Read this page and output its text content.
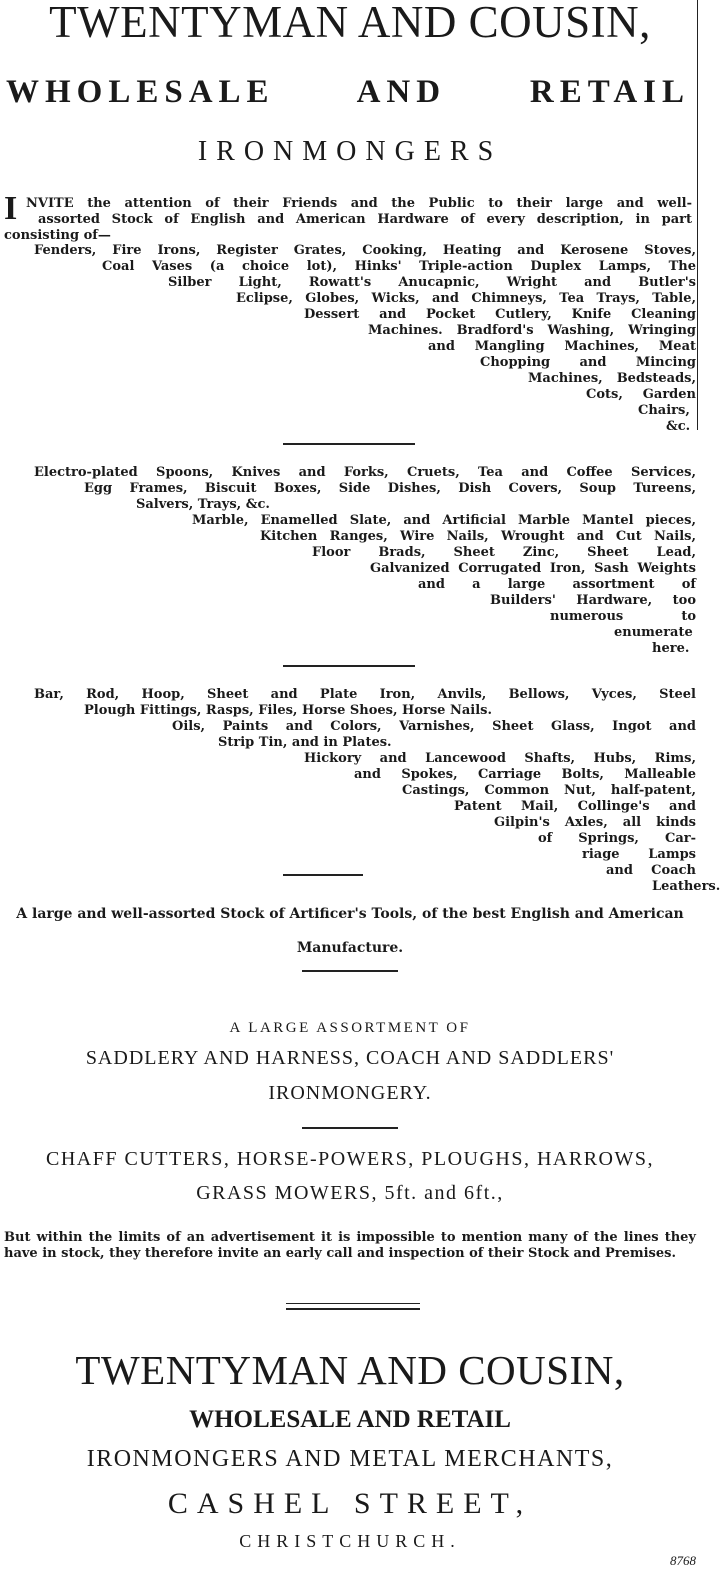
TWENTYMAN AND COUSIN,
WHOLESALE AND RETAIL
IRONMONGERS
I NVITE the attention of their Friends and the Public to their large and well-
assorted Stock of English and American Hardware of every description, in part
consisting of—
Fenders, Fire Irons, Register Grates, Cooking, Heating and Kerosene Stoves,
Coal Vases (a choice lot), Hinks' Triple-action Duplex Lamps, The
Silber Light, Rowatt's Anucapnic, Wright and Butler's
Eclipse, Globes, Wicks, and Chimneys, Tea Trays, Table,
Dessert and Pocket Cutlery, Knife Cleaning
Machines. Bradford's Washing, Wringing
and Mangling Machines, Meat
Chopping and Mincing
Machines, Bedsteads,
Cots, Garden
Chairs,
&c.
Electro-plated Spoons, Knives and Forks, Cruets, Tea and Coffee Services,
Egg Frames, Biscuit Boxes, Side Dishes, Dish Covers, Soup Tureens,
Salvers, Trays, &c.
Marble, Enamelled Slate, and Artificial Marble Mantel pieces,
Kitchen Ranges, Wire Nails, Wrought and Cut Nails,
Floor Brads, Sheet Zinc, Sheet Lead,
Galvanized Corrugated Iron, Sash Weights
and a large assortment of
Builders' Hardware, too
numerous to
enumerate
here.
Bar, Rod, Hoop, Sheet and Plate Iron, Anvils, Bellows, Vyces, Steel
Plough Fittings, Rasps, Files, Horse Shoes, Horse Nails.
Oils, Paints and Colors, Varnishes, Sheet Glass, Ingot and
Strip Tin, and in Plates.
Hickory and Lancewood Shafts, Hubs, Rims,
and Spokes, Carriage Bolts, Malleable
Castings, Common Nut, half-patent,
Patent Mail, Collinge's and
Gilpin's Axles, all kinds
of Springs, Car-
riage Lamps
and Coach
Leathers.
A large and well-assorted Stock of Artificer's Tools, of the best English and American Manufacture.
A LARGE ASSORTMENT OF
SADDLERY AND HARNESS, COACH AND SADDLERS'
IRONMONGERY.
CHAFF CUTTERS, HORSE-POWERS, PLOUGHS, HARROWS,
GRASS MOWERS, 5ft. and 6ft.,
But within the limits of an advertisement it is impossible to mention many of the lines they have in stock, they therefore invite an early call and inspection of their Stock and Premises.
TWENTYMAN AND COUSIN,
WHOLESALE AND RETAIL
IRONMONGERS AND METAL MERCHANTS,
CASHEL STREET,
CHRISTCHURCH.
8768
